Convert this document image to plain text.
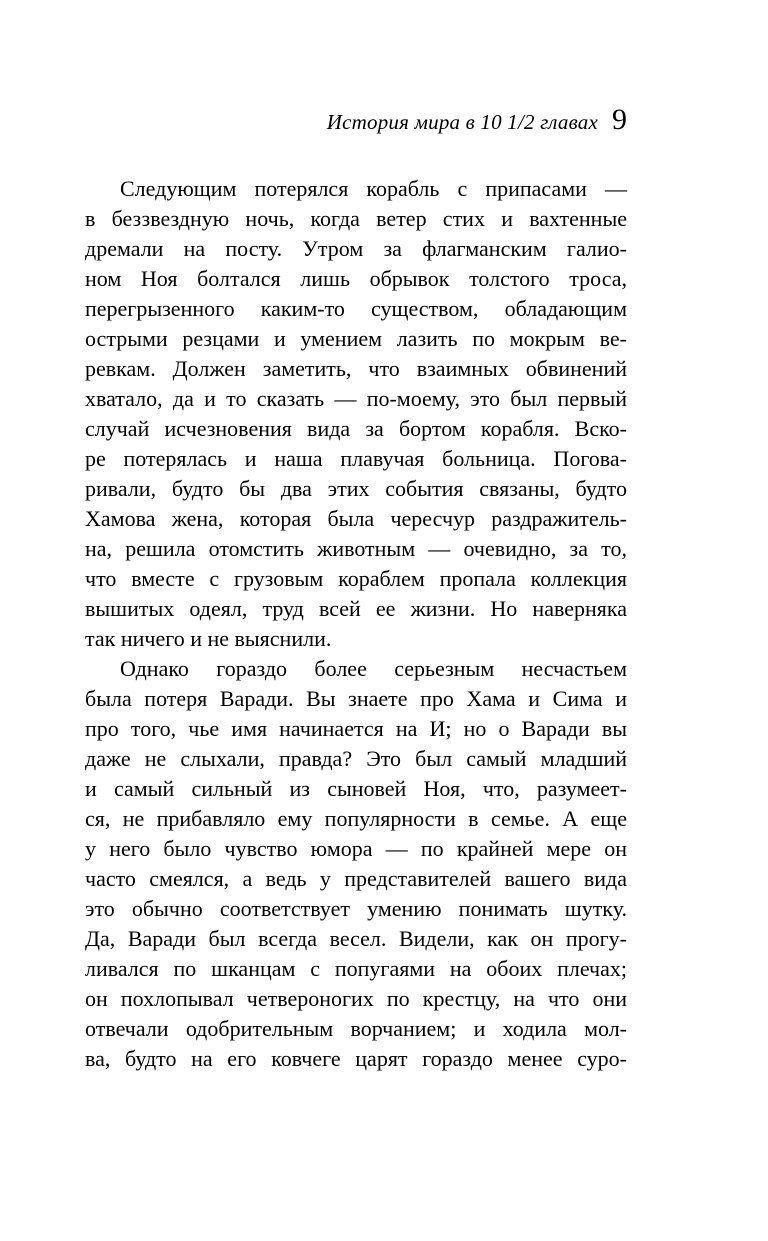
История мира в 10 1/2 главах 9
Следующим потерялся корабль с припасами —
в беззвездную ночь, когда ветер стих и вахтенные
дремали на посту. Утром за флагманским галио-
ном Ноя болтался лишь обрывок толстого троса,
перегрызенного каким-то существом, обладающим
острыми резцами и умением лазить по мокрым ве-
ревкам. Должен заметить, что взаимных обвинений
хватало, да и то сказать — по-моему, это был первый
случай исчезновения вида за бортом корабля. Вско-
ре потерялась и наша плавучая больница. Погова-
ривали, будто бы два этих события связаны, будто
Хамова жена, которая была чересчур раздражитель-
на, решила отомстить животным — очевидно, за то,
что вместе с грузовым кораблем пропала коллекция
вышитых одеял, труд всей ее жизни. Но наверняка
так ничего и не выяснили.
Однако гораздо более серьезным несчастьем
была потеря Варади. Вы знаете про Хама и Сима и
про того, чье имя начинается на И; но о Варади вы
даже не слыхали, правда? Это был самый младший
и самый сильный из сыновей Ноя, что, разумеет-
ся, не прибавляло ему популярности в семье. А еще
у него было чувство юмора — по крайней мере он
часто смеялся, а ведь у представителей вашего вида
это обычно соответствует умению понимать шутку.
Да, Варади был всегда весел. Видели, как он прогу-
ливался по шканцам с попугаями на обоих плечах;
он похлопывал четвероногих по крестцу, на что они
отвечали одобрительным ворчанием; и ходила мол-
ва, будто на его ковчеге царят гораздо менее суро-
